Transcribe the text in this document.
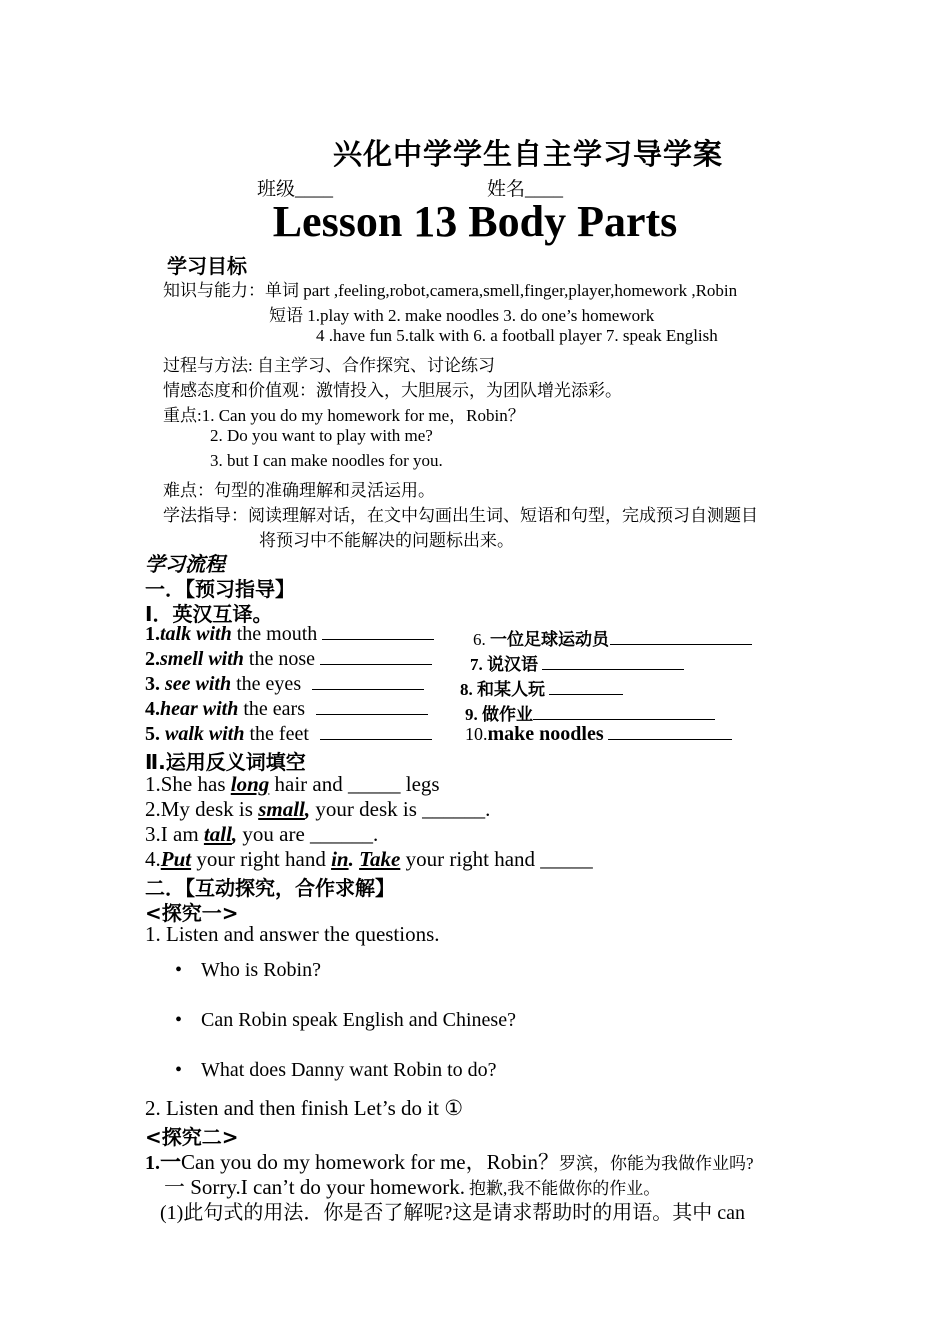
兴化中学学生自主学习导学案
班级____	姓名____
Lesson 13 Body Parts
学习目标
知识与能力：单词 part ,feeling,robot,camera,smell,finger,player,homework ,Robin
短语 1.play with 2. make noodles 3. do one’s homework
4 .have fun 5.talk with 6. a football player 7. speak English
过程与方法: 自主学习、合作探究、讨论练习
情感态度和价值观：激情投入，大胆展示，为团队增光添彩。
重点:1. Can you do my homework for me，Robin？
2. Do you want to play with me?
3. but I can make noodles for you.
难点：句型的准确理解和灵活运用。
学法指导：阅读理解对话，在文中勾画出生词、短语和句型，完成预习自测题目
将预习中不能解决的问题标出来。
学习流程
一．【预习指导】
I．英汉互译。
1.talk with the mouth
2.smell with the nose
3. see with the eyes
4.hear with the ears
5. walk with the feet
6. 一位足球运动员
7. 说汉语
8. 和某人玩
9. 做作业
10.make noodles
Ⅱ.运用反义词填空
1.She has long hair and _____ legs
2.My desk is small, your desk is ______.
3.I am tall, you are ______.
4.Put your right hand in. Take your right hand _____
二．【互动探究，合作求解】
<探究一>
1. Listen and answer the questions.
• Who is Robin?
• Can Robin speak English and Chinese?
• What does Danny want Robin to do?
2. Listen and then finish Let’s do it ①
<探究二>
1.一Can you do my homework for me，Robin？罗滨，你能为我做作业吗?
一 Sorry.I can’t do your homework. 抱歉,我不能做你的作业。
(1)此句式的用法．你是否了解呢?这是请求帮助时的用语。其中 can
